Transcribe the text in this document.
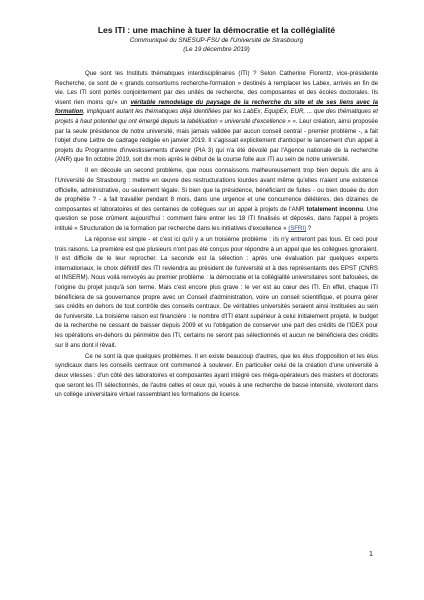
Les ITI : une machine à tuer la démocratie et la collégialité

Communiqué du SNESUP-FSU de l'Université de Strasbourg

(Le 19 décembre 2019)

Que sont les Instituts thématiques interdisciplinaires (ITI) ? Selon Catherine Florentz, vice-présidente Recherche, ce sont de « grands consortiums recherche-formation » destinés à remplacer les Labex, arrivés en fin de vie. Les ITI sont portés conjointement par des unités de recherche, des composantes et des écoles doctorales. Ils visent rien moins qu'« un véritable remodelage du paysage de la recherche du site et de ses liens avec la formation, impliquant autant les thématiques déjà identifiées par les LabEx, EquipEx, EUR, ... que des thématiques et projets à haut potentiel qui ont émergé depuis la labélisation « université d'excellence » ». Leur création, ainsi proposée par la seule présidence de notre université, mais jamais validée par aucun conseil central - premier problème -, a fait l'objet d'une Lettre de cadrage rédigée en janvier 2019. Il s'agissait explicitement d'anticiper le lancement d'un appel à projets du Programme d'investissements d'avenir (PIA 3) qui n'a été dévoilé par l'Agence nationale de la recherche (ANR) que fin octobre 2019, soit dix mois après le début de la course folle aux ITI au sein de notre université.

Il en découle un second problème, que nous connaissons malheureusement trop bien depuis dix ans à l'Université de Strasbourg : mettre en œuvre des restructurations lourdes avant même qu'elles n'aient une existence officielle, administrative, ou seulement légale. Si bien que la présidence, bénéficiant de fuites - ou bien douée du don de prophétie ? - a fait travailler pendant 8 mois, dans une urgence et une concurrence délétères, des dizaines de composantes et laboratoires et des centaines de collègues sur un appel à projets de l'ANR totalement inconnu. Une question se pose crûment aujourd'hui : comment faire entrer les 18 ITI finalisés et déposés, dans l'appel à projets intitulé « Structuration de la formation par recherche dans les initiatives d'excellence » (SFRI) ?

La réponse est simple - et c'est ici qu'il y a un troisième problème : ils n'y entreront pas tous. Et ceci pour trois raisons. La première est que plusieurs n'ont pas été conçus pour répondre à un appel que les collègues ignoraient. Il est difficile de le leur reprocher. La seconde est la sélection : après une évaluation par quelques experts internationaux, le choix définitif des ITI reviendra au président de l'université et à des représentants des EPST (CNRS et INSERM). Nous voilà renvoyés au premier problème : la démocratie et la collégialité universitaires sont bafouées, de l'origine du projet jusqu'à son terme. Mais c'est encore plus grave : le ver est au cœur des ITI. En effet, chaque ITI bénéficiera de sa gouvernance propre avec un Conseil d'administration, voire un conseil scientifique, et pourra gérer ses crédits en dehors de tout contrôle des conseils centraux. De véritables universités seraient ainsi instituées au sein de l'université. La troisième raison est financière : le nombre d'ITI étant supérieur à celui initialement projeté, le budget de la recherche ne cessant de baisser depuis 2009 et vu l'obligation de conserver une part des crédits de l'IDEX pour les opérations en-dehors du périmètre des ITI, certains ne seront pas sélectionnés et aucun ne bénéficiera des crédits sur 8 ans dont il rêvait.

Ce ne sont là que quelques problèmes. Il en existe beaucoup d'autres, que les élus d'opposition et les élus syndicaux dans les conseils centraux ont commencé à soulever. En particulier celui de la création d'une université à deux vitesses : d'un côté des laboratoires et composantes ayant intégré ces méga-opérateurs des masters et doctorats que seront les ITI sélectionnés, de l'autre celles et ceux qui, voués à une recherche de basse intensité, vivoteront dans un collège universitaire virtuel rassemblant les formations de licence.

1
